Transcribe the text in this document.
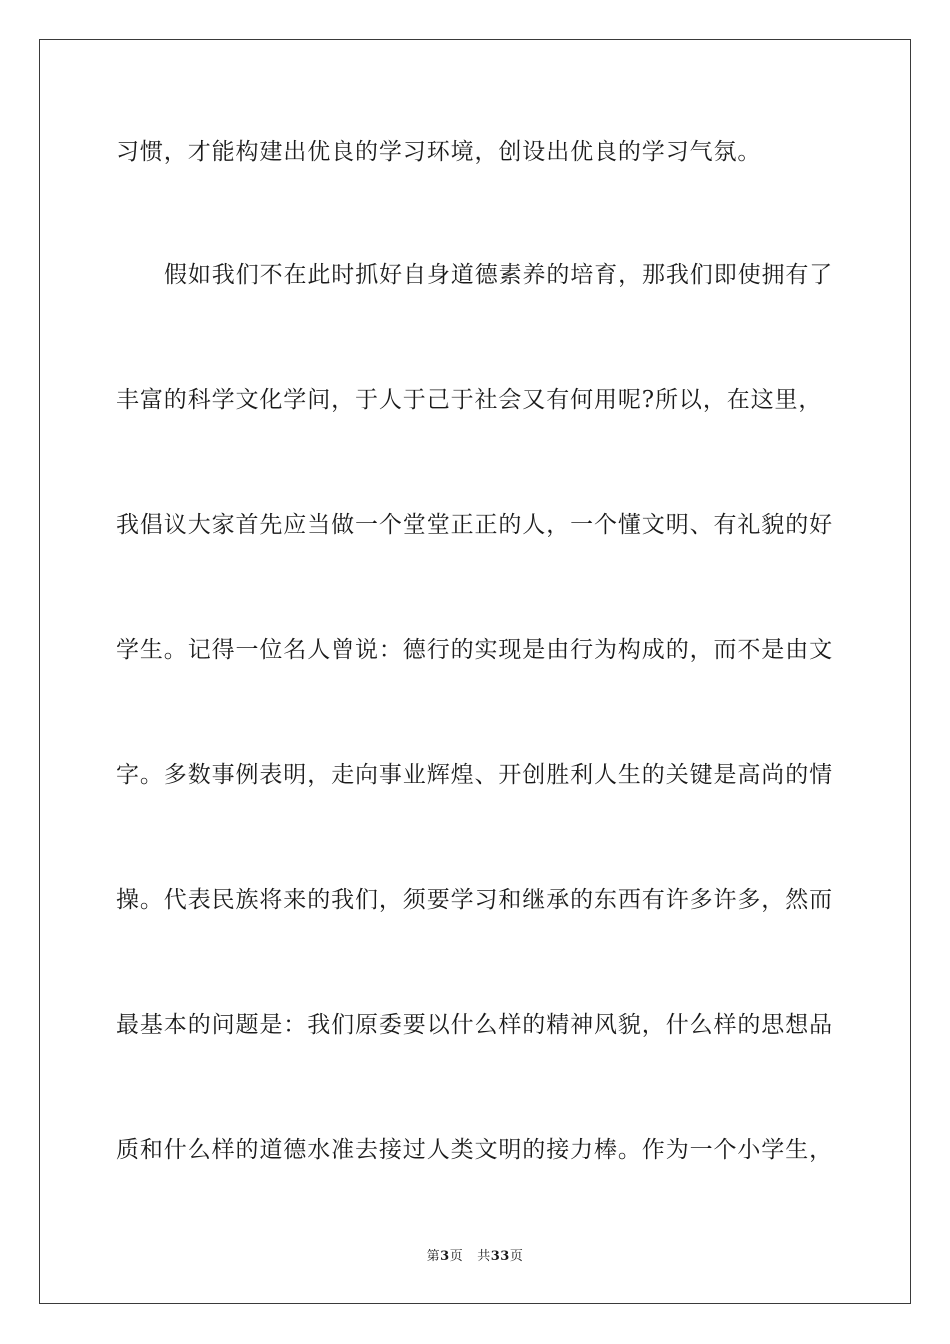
习惯，才能构建出优良的学习环境，创设出优良的学习气氛。
假如我们不在此时抓好自身道德素养的培育，那我们即使拥有了
丰富的科学文化学问，于人于己于社会又有何用呢?所以，在这里，
我倡议大家首先应当做一个堂堂正正的人，一个懂文明、有礼貌的好
学生。记得一位名人曾说：德行的实现是由行为构成的，而不是由文
字。多数事例表明，走向事业辉煌、开创胜利人生的关键是高尚的情
操。代表民族将来的我们，须要学习和继承的东西有许多许多，然而
最基本的问题是：我们原委要以什么样的精神风貌，什么样的思想品
质和什么样的道德水准去接过人类文明的接力棒。作为一个小学生，
第3页 共33页
